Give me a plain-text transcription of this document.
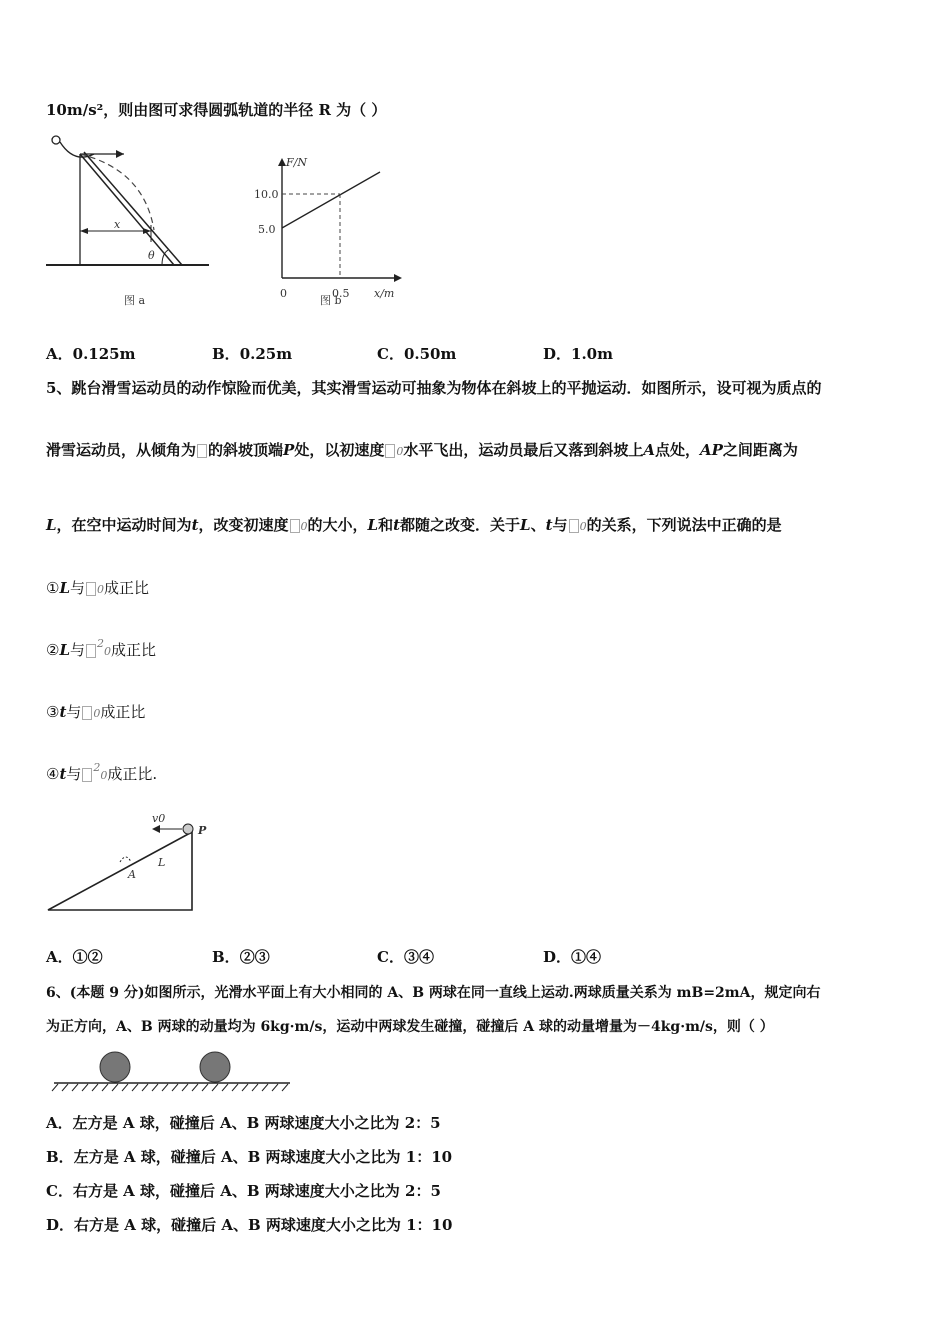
10m/s²，则由图可求得圆弧轨道的半径 R 为（ ）
x
θ
图 a
F/N
x/m
10.0
5.0
0	0.5
图 b
A．0.125m	B．0.25m	C．0.50m	D．1.0m
5、跳台滑雪运动员的动作惊险而优美，其实滑雪运动可抽象为物体在斜坡上的平抛运动．如图所示，设可视为质点的
滑雪运动员，从倾角为 的斜坡顶端P处，以初速度 0水平飞出，运动员最后又落到斜坡上A点处，AP之间距离为
L，在空中运动时间为t，改变初速度 0的大小，L和t都随之改变．关于L、t与 0的关系，下列说法中正确的是
①L与 0成正比
②L与 $^2$0成正比
③t与 0成正比
④t与 $^2$0成正比.
v0
P
L
A
A．①②	B．②③	C．③④	D．①④
6、(本题 9 分)如图所示，光滑水平面上有大小相同的 A、B 两球在同一直线上运动.两球质量关系为 mB=2mA，规定向右
为正方向，A、B 两球的动量均为 6kg·m/s，运动中两球发生碰撞，碰撞后 A 球的动量增量为－4kg·m/s，则（ ）
A．左方是 A 球，碰撞后 A、B 两球速度大小之比为 2：5
B．左方是 A 球，碰撞后 A、B 两球速度大小之比为 1：10
C．右方是 A 球，碰撞后 A、B 两球速度大小之比为 2：5
D．右方是 A 球，碰撞后 A、B 两球速度大小之比为 1：10
